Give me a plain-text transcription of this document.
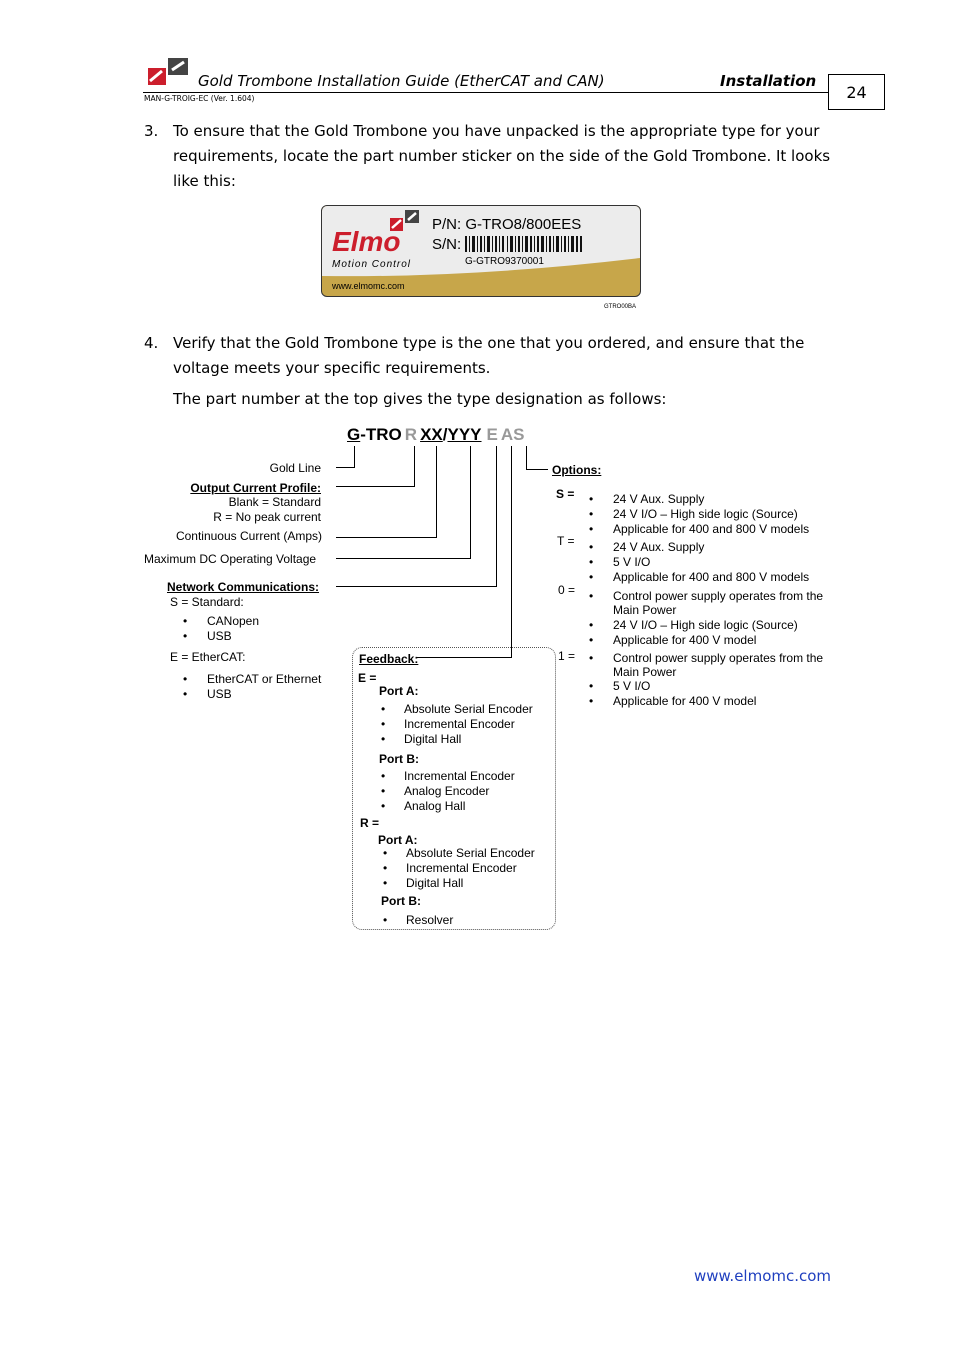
Gold Trombone Installation Guide (EtherCAT and CAN)	Installation
MAN-G-TROIG-EC (Ver. 1.604)	24
3. To ensure that the Gold Trombone you have unpacked is the appropriate type for your requirements, locate the part number sticker on the side of the Gold Trombone. It looks like this:
Elmo
Motion Control
P/N: G-TRO8/800EES
S/N:
G-GTRO9370001
www.elmomc.com
GTRO00BA
4. Verify that the Gold Trombone type is the one that you ordered, and ensure that the voltage meets your specific requirements.
The part number at the top gives the type designation as follows:
G-TRO R XX/YYY E AS
Gold Line
Output Current Profile:
Blank = Standard
R = No peak current
Continuous Current (Amps)
Maximum DC Operating Voltage
Network Communications:
S = Standard:
• CANopen
• USB
E = EtherCAT:
• EtherCAT or Ethernet
• USB
Feedback:
E =
Port A:
• Absolute Serial Encoder
• Incremental Encoder
• Digital Hall
Port B:
• Incremental Encoder
• Analog Encoder
• Analog Hall
R =
Port A:
• Absolute Serial Encoder
• Incremental Encoder
• Digital Hall
Port B:
• Resolver
Options:
S = • 24 V Aux. Supply
• 24 V I/O – High side logic (Source)
• Applicable for 400 and 800 V models
T = • 24 V Aux. Supply
• 5 V I/O
• Applicable for 400 and 800 V models
0 = • Control power supply operates from the Main Power
• 24 V I/O – High side logic (Source)
• Applicable for 400 V model
1 = • Control power supply operates from the Main Power
• 5 V I/O
• Applicable for 400 V model
www.elmomc.com
